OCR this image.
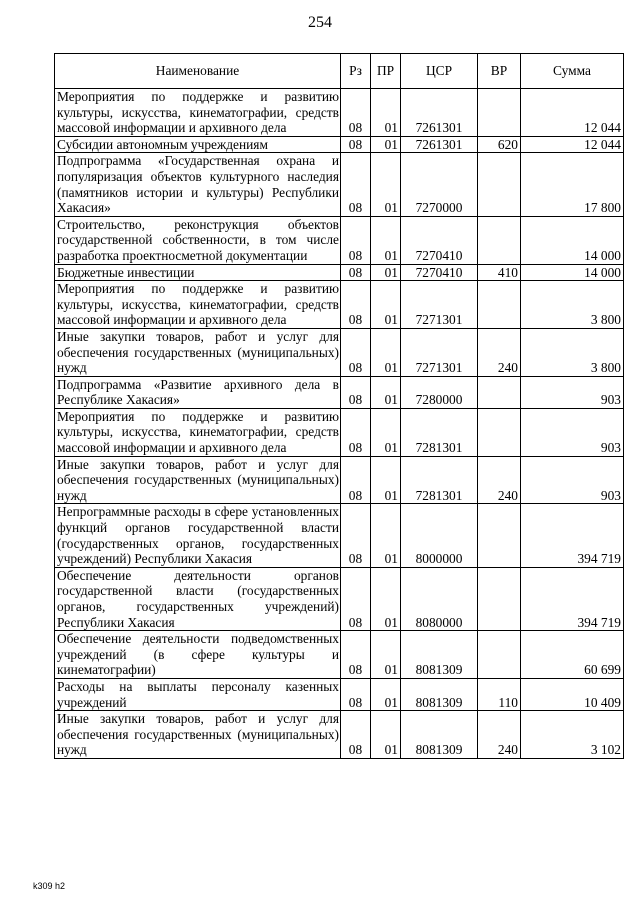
254
Наименование	Рз	ПР	ЦСР	ВР	Сумма
Мероприятия по поддержке и развитию культуры, искусства, кинематографии, средств массовой информации и архивного дела	08	01	7261301		12 044
Субсидии автономным учреждениям	08	01	7261301	620	12 044
Подпрограмма «Государственная охрана и популяризация объектов культурного наследия (памятников истории и культуры) Республики Хакасия»	08	01	7270000		17 800
Строительство, реконструкция объектов государственной собственности, в том числе разработка проектносметной документации	08	01	7270410		14 000
Бюджетные инвестиции	08	01	7270410	410	14 000
Мероприятия по поддержке и развитию культуры, искусства, кинематографии, средств массовой информации и архивного дела	08	01	7271301		3 800
Иные закупки товаров, работ и услуг для обеспечения государственных (муниципальных) нужд	08	01	7271301	240	3 800
Подпрограмма «Развитие архивного дела в Республике Хакасия»	08	01	7280000		903
Мероприятия по поддержке и развитию культуры, искусства, кинематографии, средств массовой информации и архивного дела	08	01	7281301		903
Иные закупки товаров, работ и услуг для обеспечения государственных (муниципальных) нужд	08	01	7281301	240	903
Непрограммные расходы в сфере установленных функций органов государственной власти (государственных органов, государственных учреждений) Республики Хакасия	08	01	8000000		394 719
Обеспечение деятельности органов государственной власти (государственных органов, государственных учреждений) Республики Хакасия	08	01	8080000		394 719
Обеспечение деятельности подведомственных учреждений (в сфере культуры и кинематографии)	08	01	8081309		60 699
Расходы на выплаты персоналу казенных учреждений	08	01	8081309	110	10 409
Иные закупки товаров, работ и услуг для обеспечения государственных (муниципальных) нужд	08	01	8081309	240	3 102
k309 h2
